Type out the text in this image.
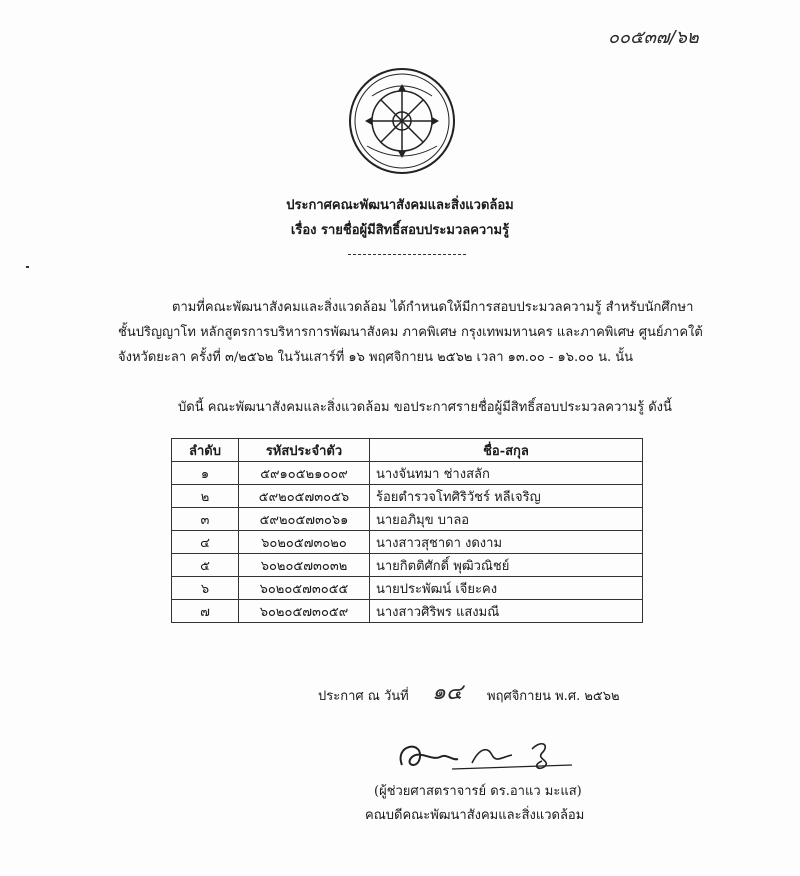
๐๐๕๓๗/๖๒
ประกาศคณะพัฒนาสังคมและสิ่งแวดล้อม
เรื่อง รายชื่อผู้มีสิทธิ์สอบประมวลความรู้
ตามที่คณะพัฒนาสังคมและสิ่งแวดล้อม ได้กำหนดให้มีการสอบประมวลความรู้ สำหรับนักศึกษา
ชั้นปริญญาโท หลักสูตรการบริหารการพัฒนาสังคม ภาคพิเศษ กรุงเทพมหานคร และภาคพิเศษ ศูนย์ภาคใต้
จังหวัดยะลา ครั้งที่ ๓/๒๕๖๒ ในวันเสาร์ที่ ๑๖ พฤศจิกายน ๒๕๖๒ เวลา ๑๓.๐๐ - ๑๖.๐๐ น. นั้น
บัดนี้ คณะพัฒนาสังคมและสิ่งแวดล้อม ขอประกาศรายชื่อผู้มีสิทธิ์สอบประมวลความรู้ ดังนี้
ลำดับ	รหัสประจำตัว	ชื่อ-สกุล
๑	๕๙๑๐๕๒๑๐๐๙	นางจันทมา ช่างสลัก
๒	๕๙๒๐๕๗๓๐๕๖	ร้อยตำรวจโทศิริวัชร์ หลีเจริญ
๓	๕๙๒๐๕๗๓๐๖๑	นายอภิมุข บาลอ
๔	๖๐๒๐๕๗๓๐๒๐	นางสาวสุชาดา งดงาม
๕	๖๐๒๐๕๗๓๐๓๒	นายกิตติศักดิ์ พุฒิวณิชย์
๖	๖๐๒๐๕๗๓๐๕๕	นายประพัฒน์ เจียะคง
๗	๖๐๒๐๕๗๓๐๕๙	นางสาวศิริพร แสงมณี
ประกาศ ณ วันที่ ๑๔ พฤศจิกายน พ.ศ. ๒๕๖๒
(ผู้ช่วยศาสตราจารย์ ดร.อาแว มะแส)
คณบดีคณะพัฒนาสังคมและสิ่งแวดล้อม
